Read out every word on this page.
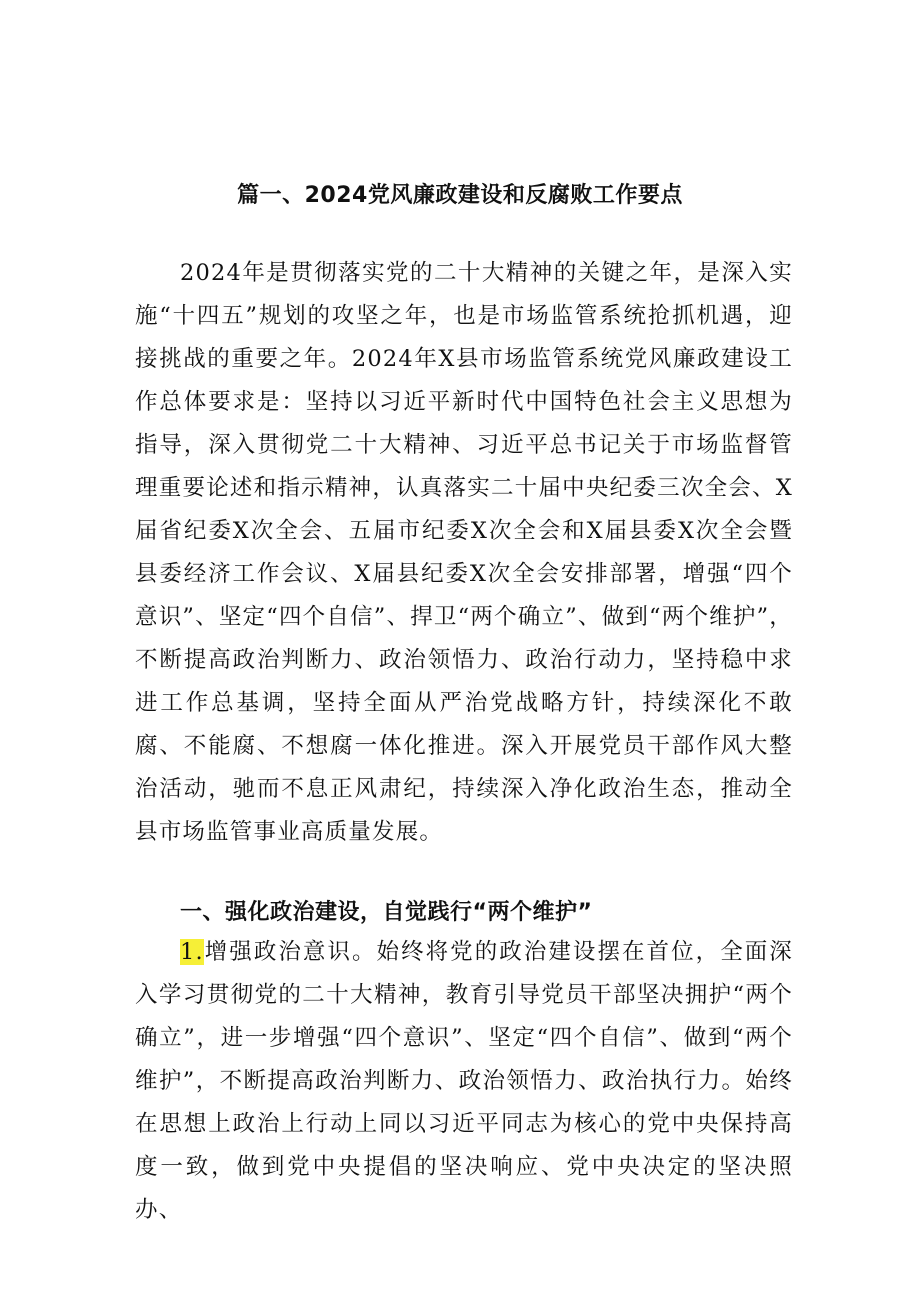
篇一、2024党风廉政建设和反腐败工作要点

2024年是贯彻落实党的二十大精神的关键之年，是深入实施“十四五”规划的攻坚之年，也是市场监管系统抢抓机遇，迎接挑战的重要之年。2024年X县市场监管系统党风廉政建设工作总体要求是：坚持以习近平新时代中国特色社会主义思想为指导，深入贯彻党二十大精神、习近平总书记关于市场监督管理重要论述和指示精神，认真落实二十届中央纪委三次全会、X届省纪委X次全会、五届市纪委X次全会和X届县委X次全会暨县委经济工作会议、X届县纪委X次全会安排部署，增强“四个意识”、坚定“四个自信”、捍卫“两个确立”、做到“两个维护”，不断提高政治判断力、政治领悟力、政治行动力，坚持稳中求进工作总基调，坚持全面从严治党战略方针，持续深化不敢腐、不能腐、不想腐一体化推进。深入开展党员干部作风大整治活动，驰而不息正风肃纪，持续深入净化政治生态，推动全县市场监管事业高质量发展。

一、强化政治建设，自觉践行“两个维护”

1.增强政治意识。始终将党的政治建设摆在首位，全面深入学习贯彻党的二十大精神，教育引导党员干部坚决拥护“两个确立”，进一步增强“四个意识”、坚定“四个自信”、做到“两个维护”，不断提高政治判断力、政治领悟力、政治执行力。始终在思想上政治上行动上同以习近平同志为核心的党中央保持高度一致，做到党中央提倡的坚决响应、党中央决定的坚决照办、
